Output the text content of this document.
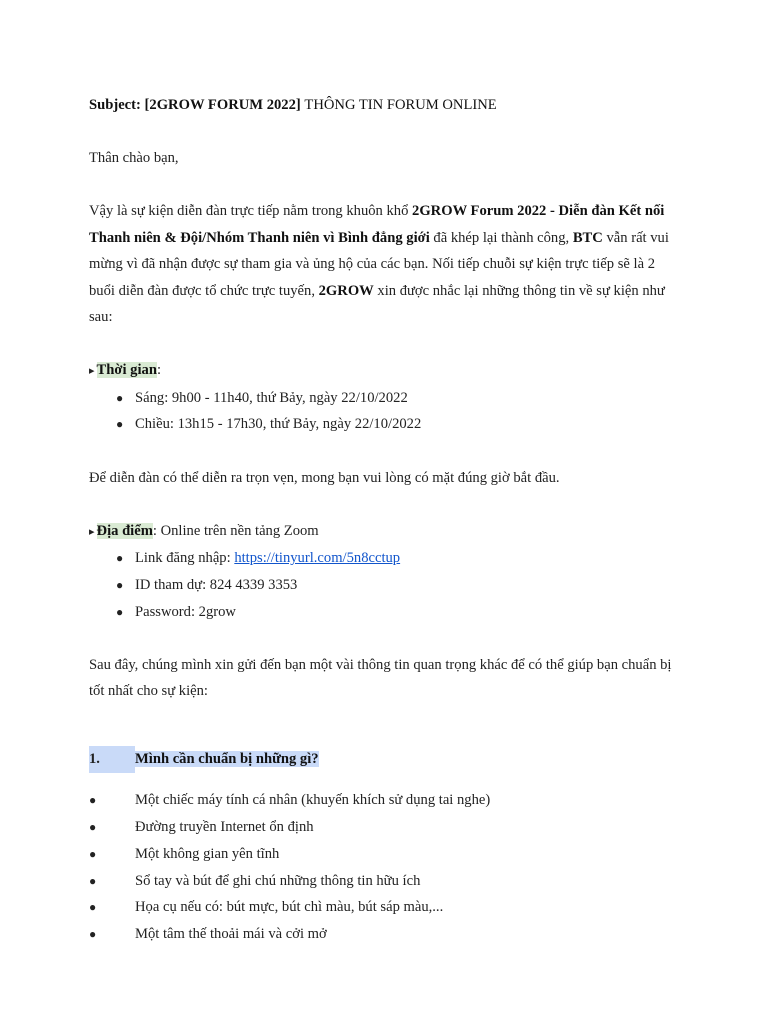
Subject: [2GROW FORUM 2022] THÔNG TIN FORUM ONLINE

Thân chào bạn,

Vậy là sự kiện diễn đàn trực tiếp nằm trong khuôn khổ 2GROW Forum 2022 - Diễn đàn Kết nối Thanh niên & Đội/Nhóm Thanh niên vì Bình đẳng giới đã khép lại thành công, BTC vẫn rất vui mừng vì đã nhận được sự tham gia và ủng hộ của các bạn. Nối tiếp chuỗi sự kiện trực tiếp sẽ là 2 buổi diễn đàn được tổ chức trực tuyến, 2GROW xin được nhắc lại những thông tin về sự kiện như sau:

▸ Thời gian:

● Sáng: 9h00 - 11h40, thứ Bảy, ngày 22/10/2022
● Chiều: 13h15 - 17h30, thứ Bảy, ngày 22/10/2022

Để diễn đàn có thể diễn ra trọn vẹn, mong bạn vui lòng có mặt đúng giờ bắt đầu.

▸ Địa điểm: Online trên nền tảng Zoom

● Link đăng nhập: https://tinyurl.com/5n8cctup
● ID tham dự: 824 4339 3353
● Password: 2grow

Sau đây, chúng mình xin gửi đến bạn một vài thông tin quan trọng khác để có thể giúp bạn chuẩn bị tốt nhất cho sự kiện:

1. Mình cần chuẩn bị những gì?

●	Một chiếc máy tính cá nhân (khuyến khích sử dụng tai nghe)
●	Đường truyền Internet ổn định
●	Một không gian yên tĩnh
●	Sổ tay và bút để ghi chú những thông tin hữu ích
●	Họa cụ nếu có: bút mực, bút chì màu, bút sáp màu,...
●	Một tâm thế thoải mái và cởi mở
